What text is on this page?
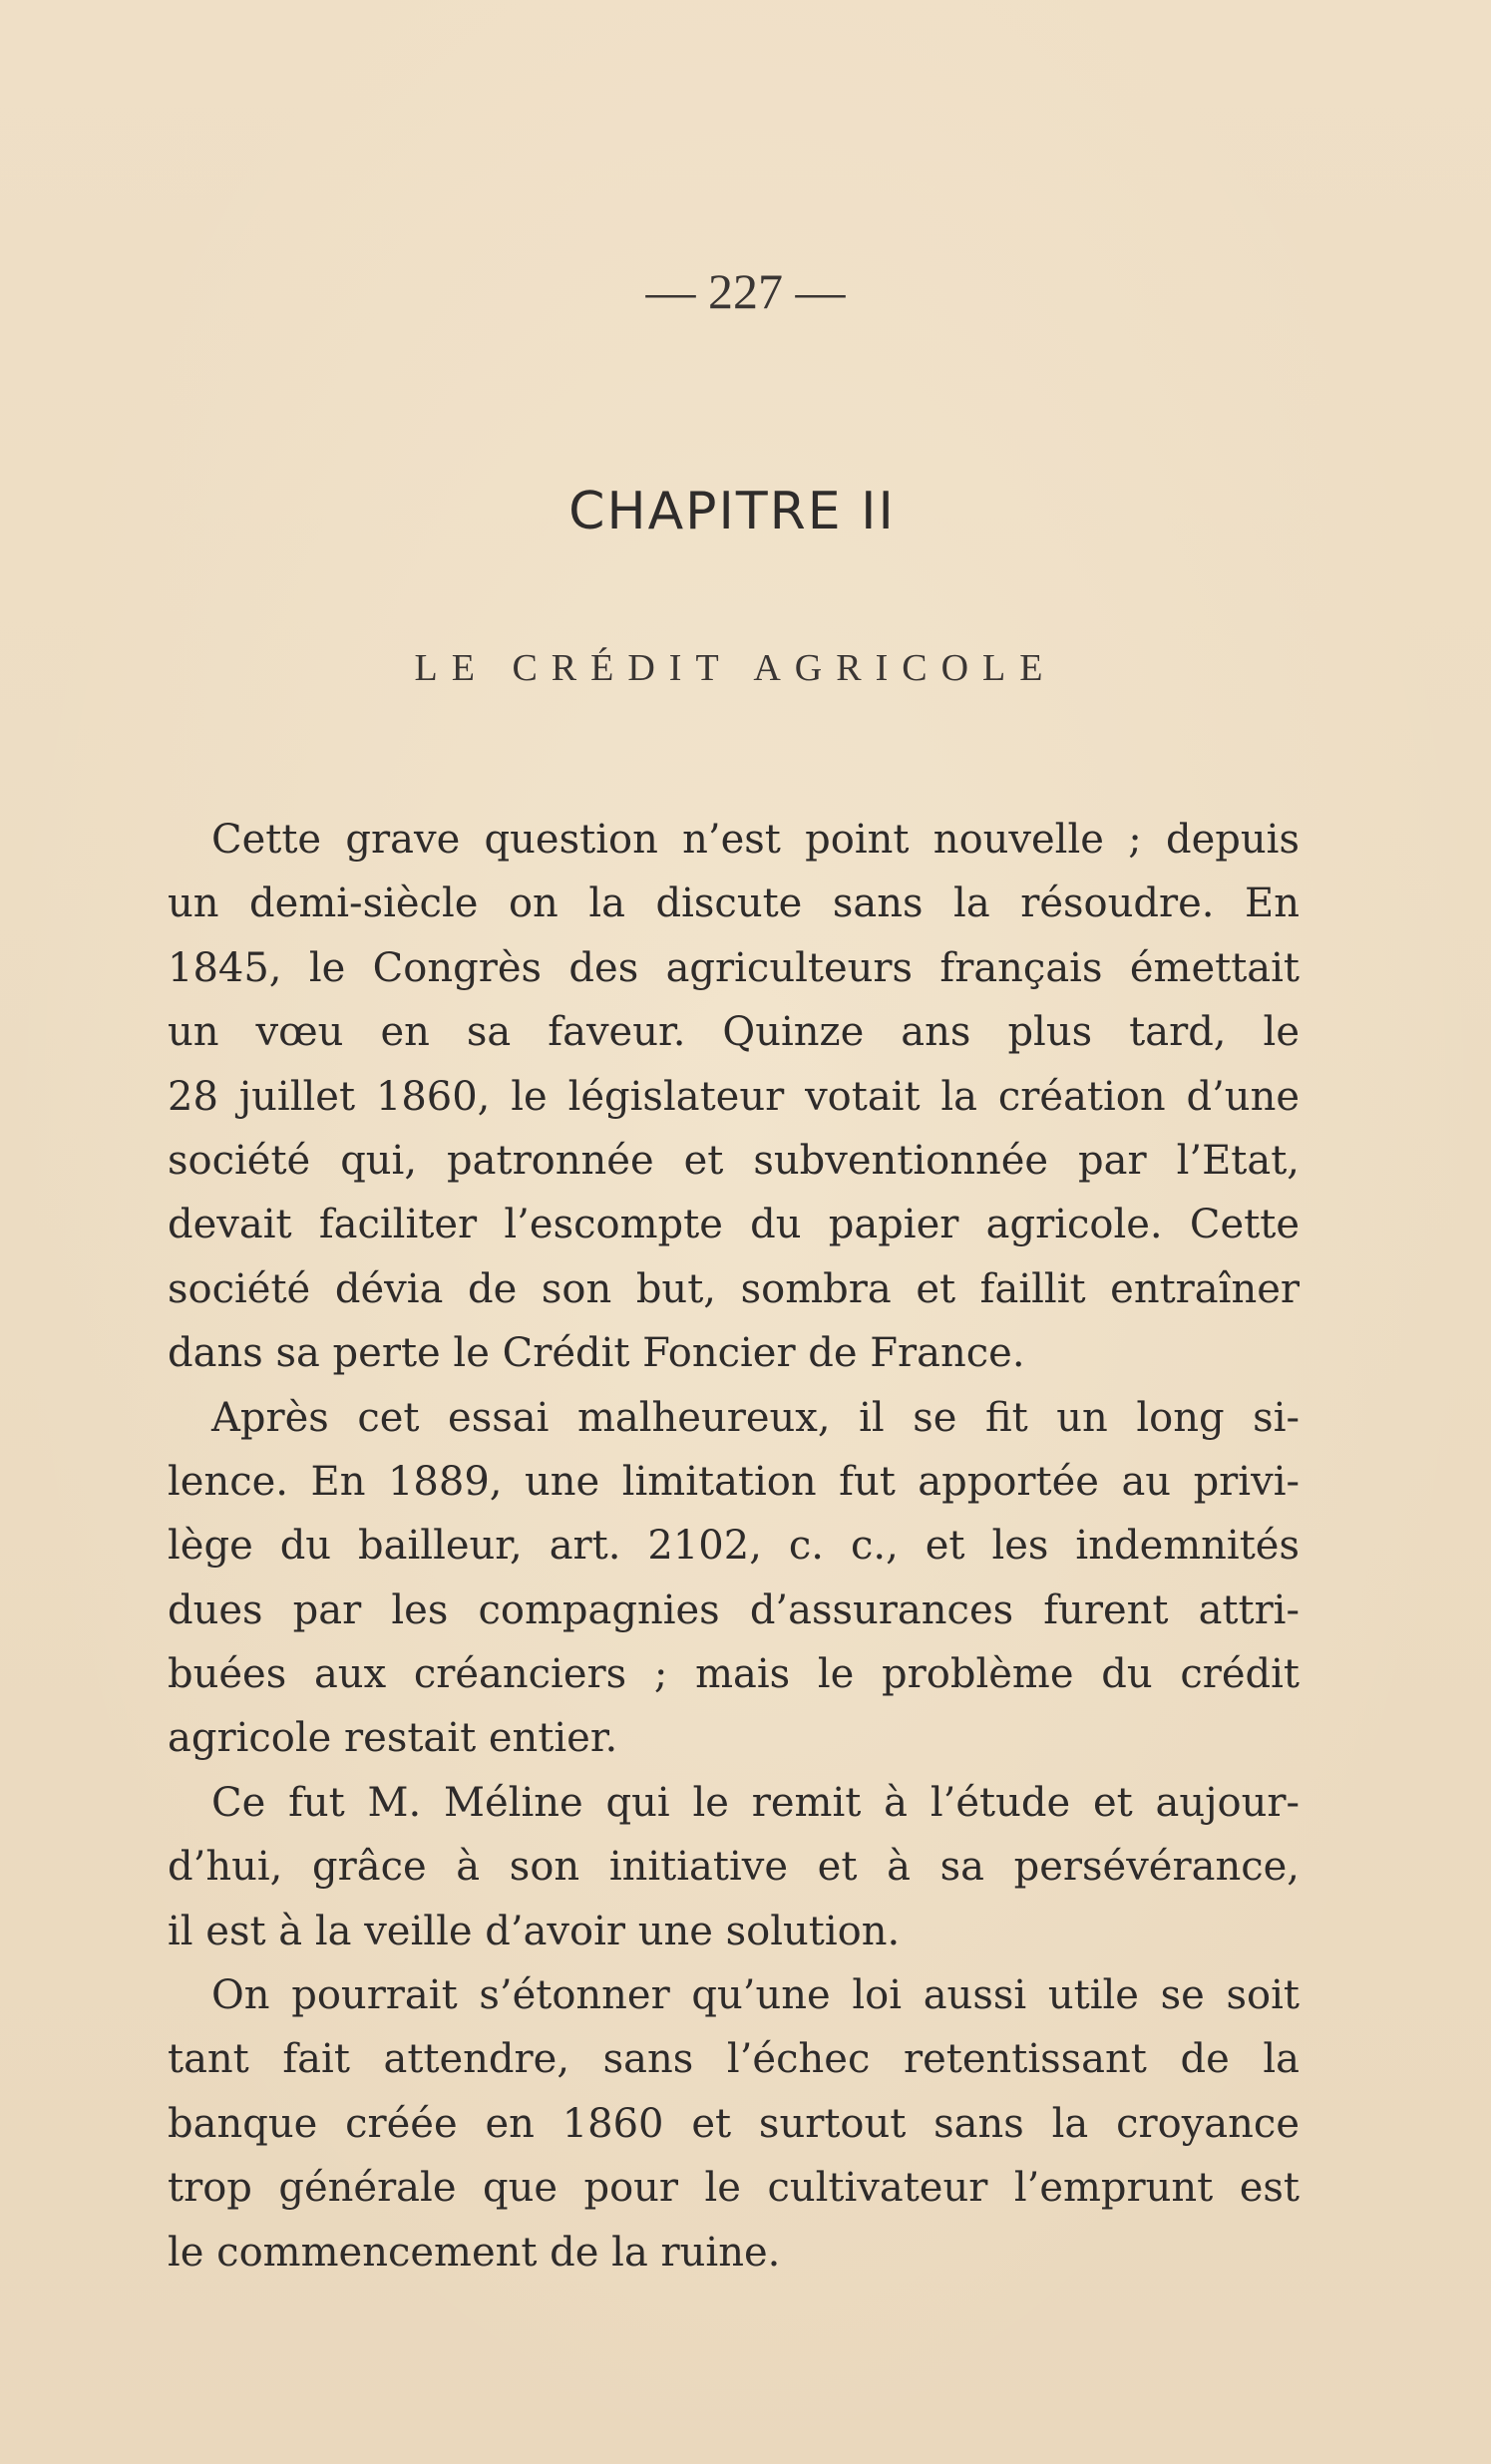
— 227 —
CHAPITRE II
LE CRÉDIT AGRICOLE
Cette grave question n’est point nouvelle ; depuis
un demi-siècle on la discute sans la résoudre. En
1845, le Congrès des agriculteurs français émettait
un vœu en sa faveur. Quinze ans plus tard, le
28 juillet 1860, le législateur votait la création d’une
société qui, patronnée et subventionnée par l’Etat,
devait faciliter l’escompte du papier agricole. Cette
société dévia de son but, sombra et faillit entraîner
dans sa perte le Crédit Foncier de France.
Après cet essai malheureux, il se fit un long si-
lence. En 1889, une limitation fut apportée au privi-
lège du bailleur, art. 2102, c. c., et les indemnités
dues par les compagnies d’assurances furent attri-
buées aux créanciers ; mais le problème du crédit
agricole restait entier.
Ce fut M. Méline qui le remit à l’étude et aujour-
d’hui, grâce à son initiative et à sa persévérance,
il est à la veille d’avoir une solution.
On pourrait s’étonner qu’une loi aussi utile se soit
tant fait attendre, sans l’échec retentissant de la
banque créée en 1860 et surtout sans la croyance
trop générale que pour le cultivateur l’emprunt est
le commencement de la ruine.
